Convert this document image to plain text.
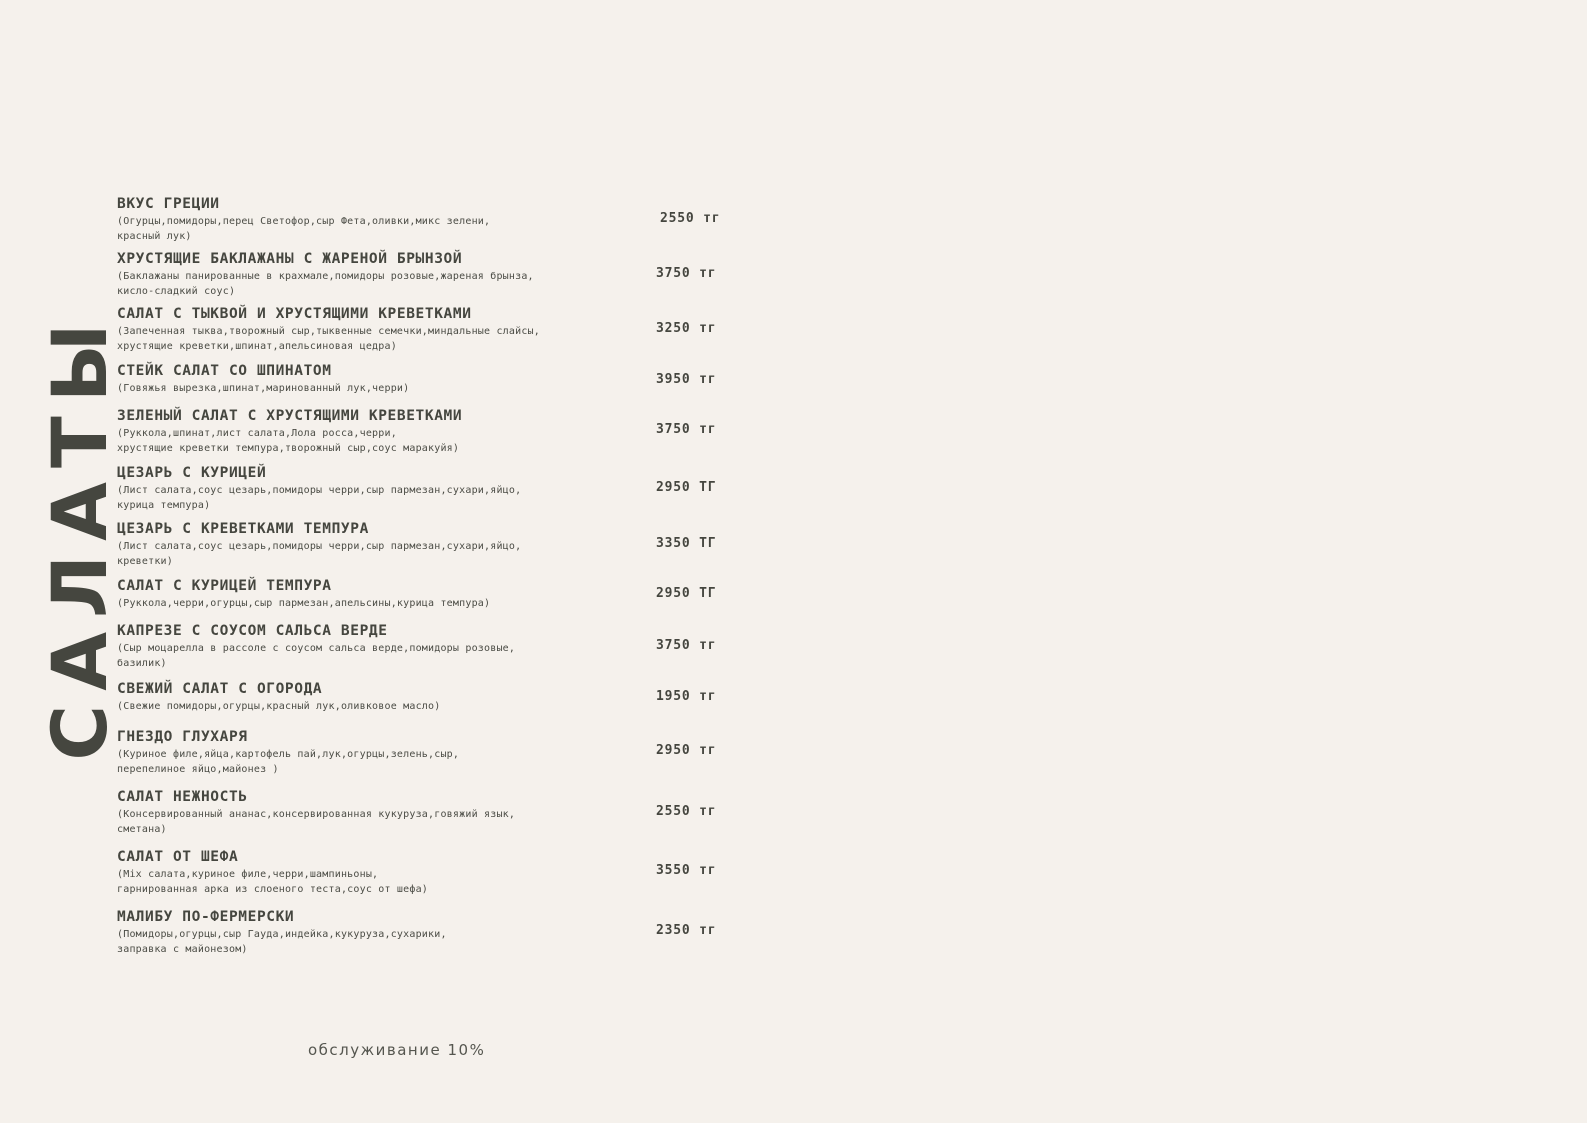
САЛАТЫ
ВКУС ГРЕЦИИ
(Огурцы,помидоры,перец Светофор,сыр Фета,оливки,микс зелени,
красный лук)
2550 тг
ХРУСТЯЩИЕ БАКЛАЖАНЫ С ЖАРЕНОЙ БРЫНЗОЙ
(Баклажаны панированные в крахмале,помидоры розовые,жареная брынза,
кисло-сладкий соус)
3750 тг
САЛАТ С ТЫКВОЙ И ХРУСТЯЩИМИ КРЕВЕТКАМИ
(Запеченная тыква,творожный сыр,тыквенные семечки,миндальные слайсы,
хрустящие креветки,шпинат,апельсиновая цедра)
3250 тг
СТЕЙК САЛАТ СО ШПИНАТОМ
(Говяжья вырезка,шпинат,маринованный лук,черри)
3950 тг
ЗЕЛЕНЫЙ САЛАТ С ХРУСТЯЩИМИ КРЕВЕТКАМИ
(Руккола,шпинат,лист салата,Лола росса,черри,
хрустящие креветки темпура,творожный сыр,соус маракуйя)
3750 тг
ЦЕЗАРЬ С КУРИЦЕЙ
(Лист салата,соус цезарь,помидоры черри,сыр пармезан,сухари,яйцо,
курица темпура)
2950 ТГ
ЦЕЗАРЬ С КРЕВЕТКАМИ ТЕМПУРА
(Лист салата,соус цезарь,помидоры черри,сыр пармезан,сухари,яйцо,
креветки)
3350 ТГ
САЛАТ С КУРИЦЕЙ ТЕМПУРА
(Руккола,черри,огурцы,сыр пармезан,апельсины,курица темпура)
2950 ТГ
КАПРЕЗЕ С СОУСОМ САЛЬСА ВЕРДЕ
(Сыр моцарелла в рассоле с соусом сальса верде,помидоры розовые,
базилик)
3750 тг
СВЕЖИЙ САЛАТ С ОГОРОДА
(Свежие помидоры,огурцы,красный лук,оливковое масло)
1950 тг
ГНЕЗДО ГЛУХАРЯ
(Куриное филе,яйца,картофель пай,лук,огурцы,зелень,сыр,
перепелиное яйцо,майонез )
2950 тг
САЛАТ НЕЖНОСТЬ
(Консервированный ананас,консервированная кукуруза,говяжий язык,
сметана)
2550 тг
САЛАТ ОТ ШЕФА
(Mix салата,куриное филе,черри,шампиньоны,
гарнированная арка из слоеного теста,соус от шефа)
3550 тг
МАЛИБУ ПО-ФЕРМЕРСКИ
(Помидоры,огурцы,сыр Гауда,индейка,кукуруза,сухарики,
заправка с майонезом)
2350 тг
обслуживание 10%
